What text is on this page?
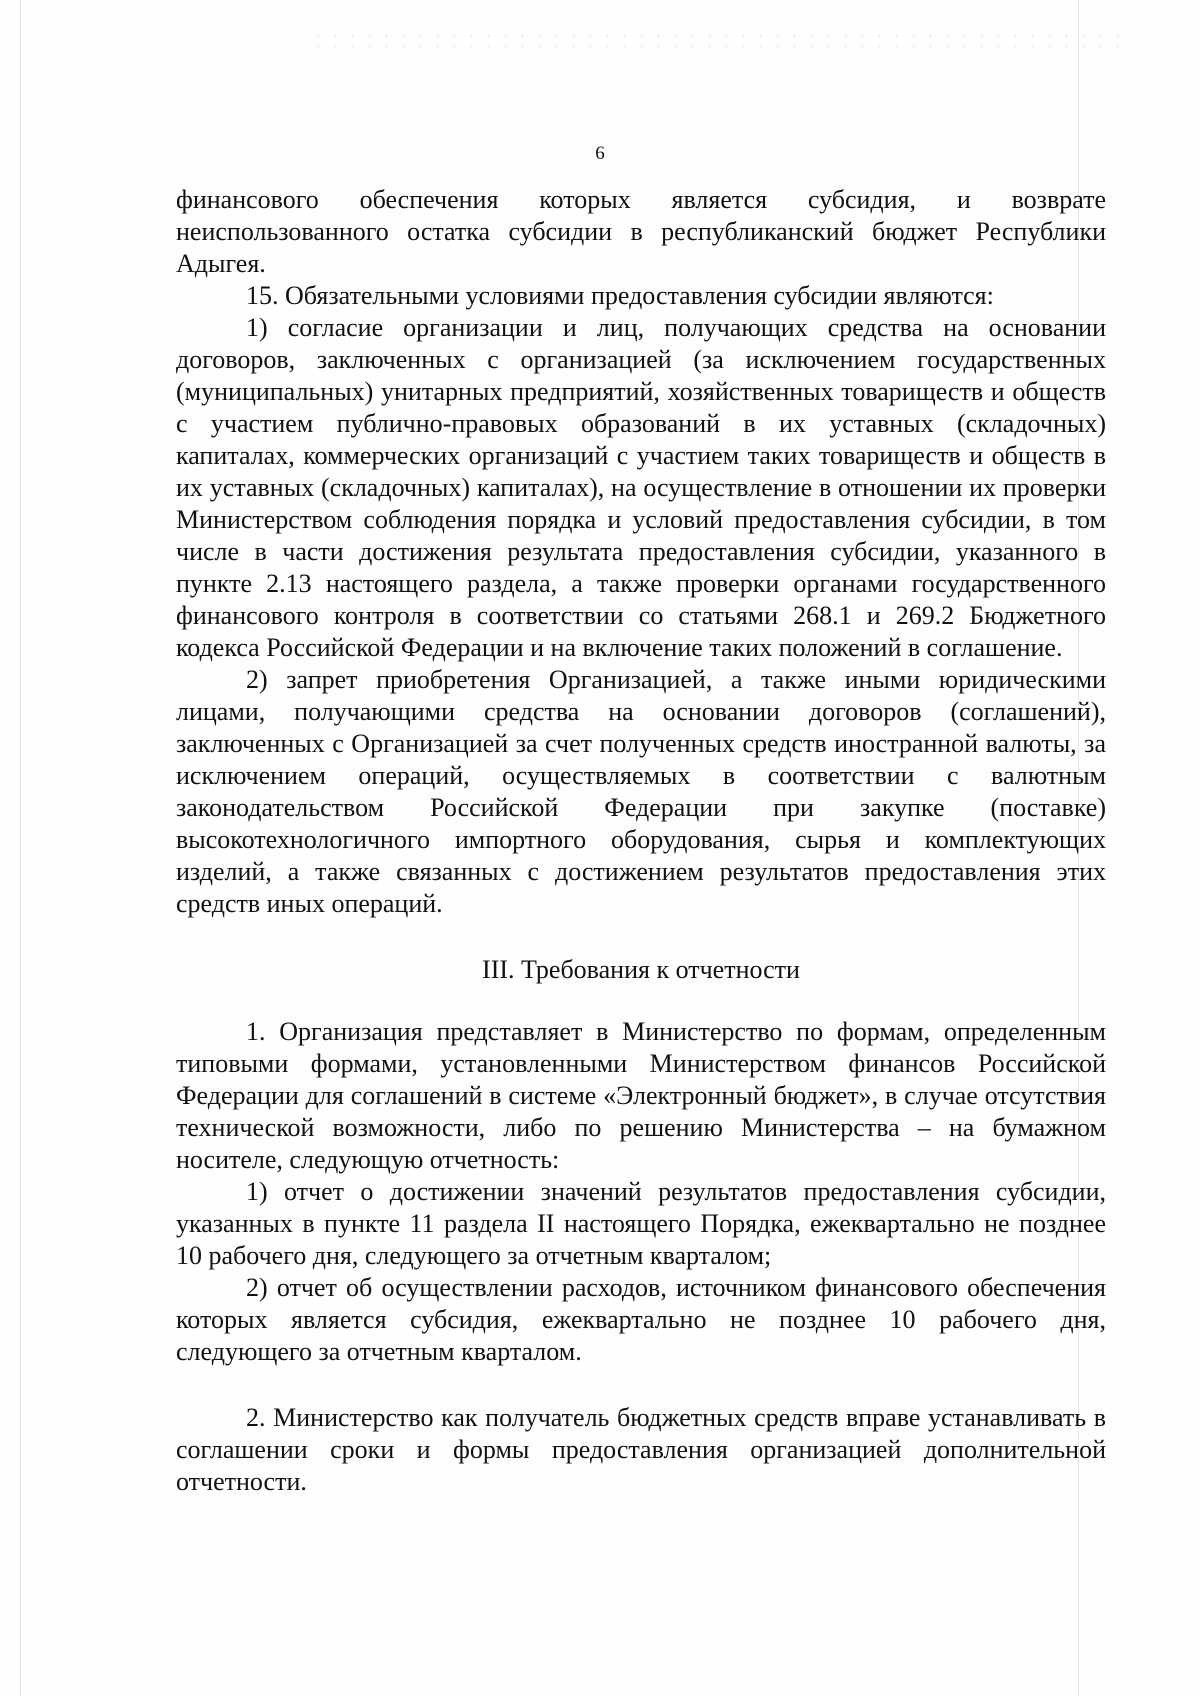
6

финансового обеспечения которых является субсидия, и возврате неиспользованного остатка субсидии в республиканский бюджет Республики Адыгея.

15. Обязательными условиями предоставления субсидии являются:

1) согласие организации и лиц, получающих средства на основании договоров, заключенных с организацией (за исключением государственных (муниципальных) унитарных предприятий, хозяйственных товариществ и обществ с участием публично-правовых образований в их уставных (складочных) капиталах, коммерческих организаций с участием таких товариществ и обществ в их уставных (складочных) капиталах), на осуществление в отношении их проверки Министерством соблюдения порядка и условий предоставления субсидии, в том числе в части достижения результата предоставления субсидии, указанного в пункте 2.13 настоящего раздела, а также проверки органами государственного финансового контроля в соответствии со статьями 268.1 и 269.2 Бюджетного кодекса Российской Федерации и на включение таких положений в соглашение.

2) запрет приобретения Организацией, а также иными юридическими лицами, получающими средства на основании договоров (соглашений), заключенных с Организацией за счет полученных средств иностранной валюты, за исключением операций, осуществляемых в соответствии с валютным законодательством Российской Федерации при закупке (поставке) высокотехнологичного импортного оборудования, сырья и комплектующих изделий, а также связанных с достижением результатов предоставления этих средств иных операций.

III. Требования к отчетности

1. Организация представляет в Министерство по формам, определенным типовыми формами, установленными Министерством финансов Российской Федерации для соглашений в системе «Электронный бюджет», в случае отсутствия технической возможности, либо по решению Министерства – на бумажном носителе, следующую отчетность:

1) отчет о достижении значений результатов предоставления субсидии, указанных в пункте 11 раздела II настоящего Порядка, ежеквартально не позднее 10 рабочего дня, следующего за отчетным кварталом;

2) отчет об осуществлении расходов, источником финансового обеспечения которых является субсидия, ежеквартально не позднее 10 рабочего дня, следующего за отчетным кварталом.

2. Министерство как получатель бюджетных средств вправе устанавливать в соглашении сроки и формы предоставления организацией дополнительной отчетности.
